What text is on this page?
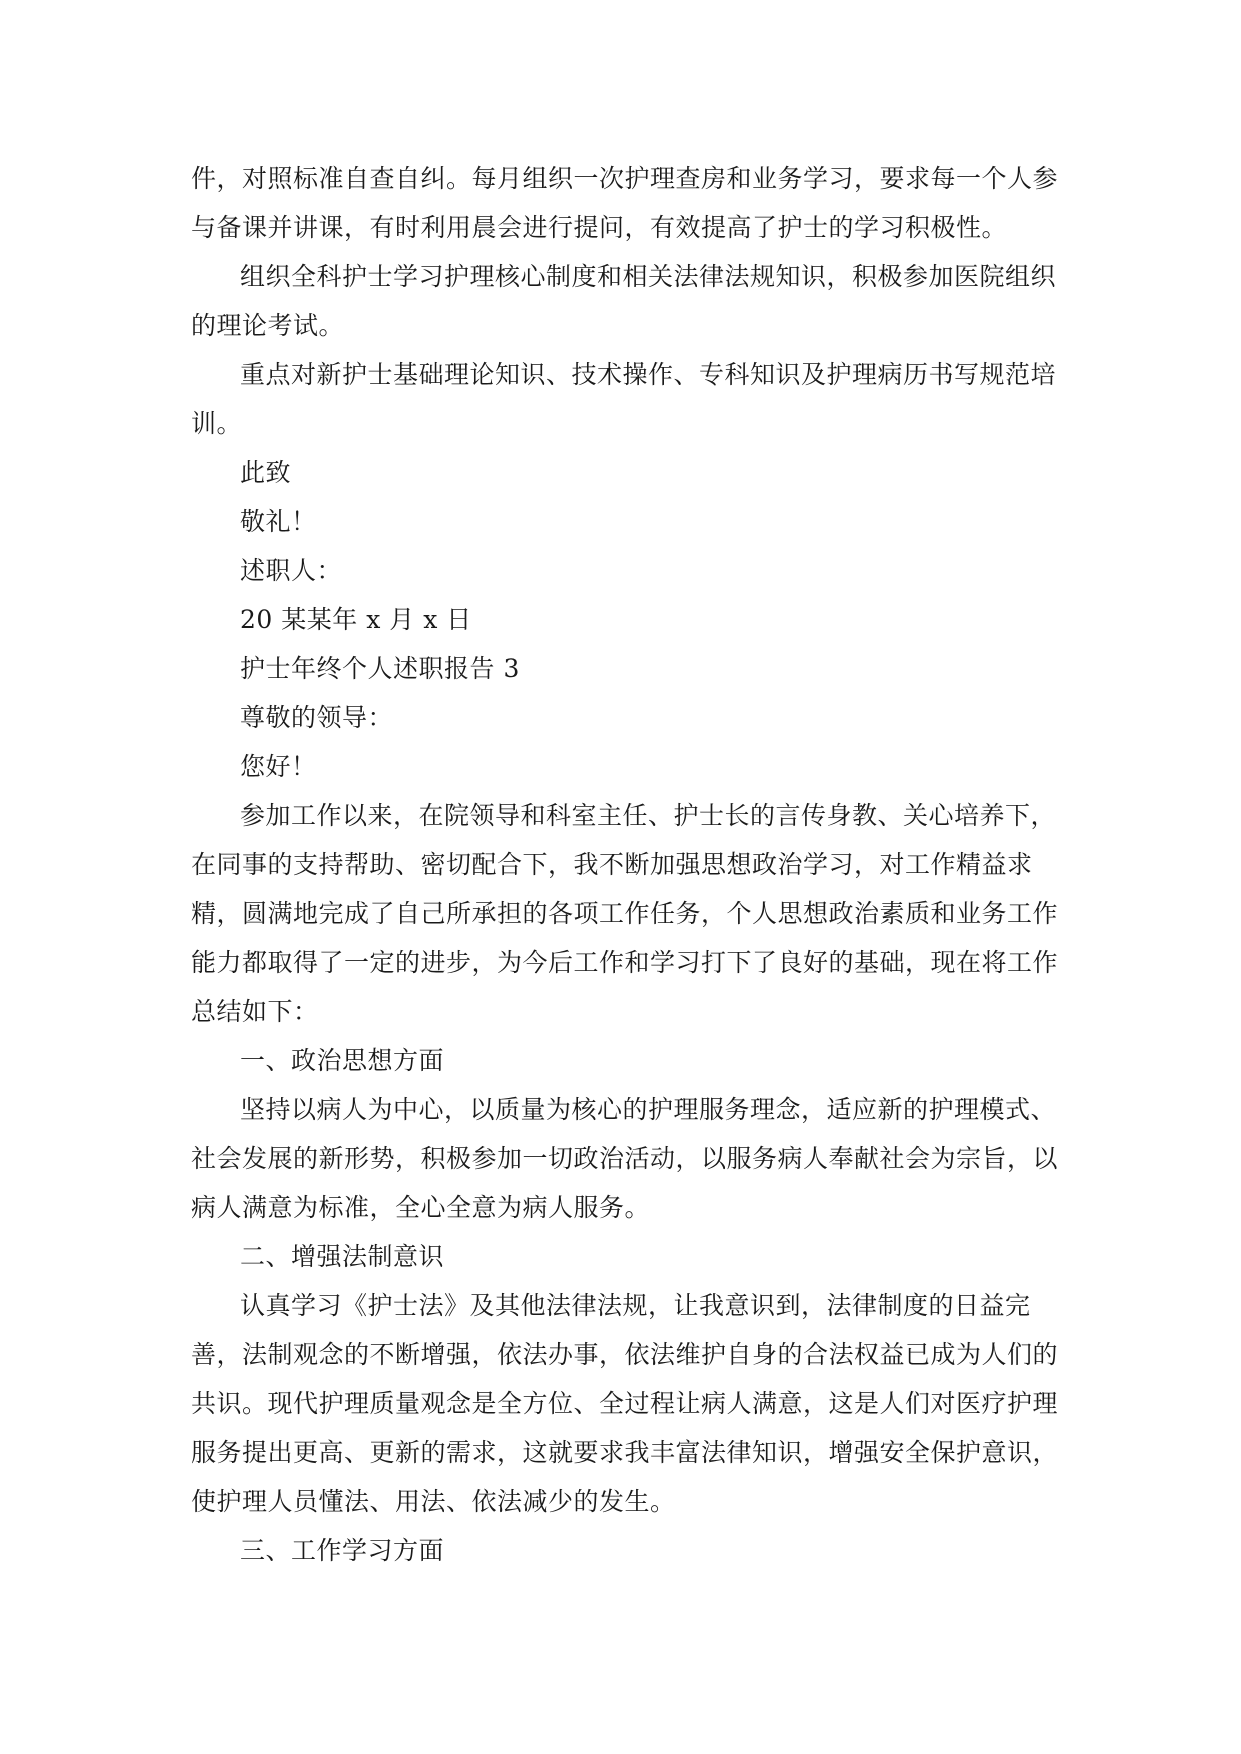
件，对照标准自查自纠。每月组织一次护理查房和业务学习，要求每一个人参
与备课并讲课，有时利用晨会进行提问，有效提高了护士的学习积极性。
组织全科护士学习护理核心制度和相关法律法规知识，积极参加医院组织
的理论考试。
重点对新护士基础理论知识、技术操作、专科知识及护理病历书写规范培
训。
此致
敬礼！
述职人：
20 某某年 x 月 x 日
护士年终个人述职报告 3
尊敬的领导：
您好！
参加工作以来，在院领导和科室主任、护士长的言传身教、关心培养下，
在同事的支持帮助、密切配合下，我不断加强思想政治学习，对工作精益求
精，圆满地完成了自己所承担的各项工作任务，个人思想政治素质和业务工作
能力都取得了一定的进步，为今后工作和学习打下了良好的基础，现在将工作
总结如下：
一、政治思想方面
坚持以病人为中心，以质量为核心的护理服务理念，适应新的护理模式、
社会发展的新形势，积极参加一切政治活动，以服务病人奉献社会为宗旨，以
病人满意为标准，全心全意为病人服务。
二、增强法制意识
认真学习《护士法》及其他法律法规，让我意识到，法律制度的日益完
善，法制观念的不断增强，依法办事，依法维护自身的合法权益已成为人们的
共识。现代护理质量观念是全方位、全过程让病人满意，这是人们对医疗护理
服务提出更高、更新的需求，这就要求我丰富法律知识，增强安全保护意识，
使护理人员懂法、用法、依法减少的发生。
三、工作学习方面
